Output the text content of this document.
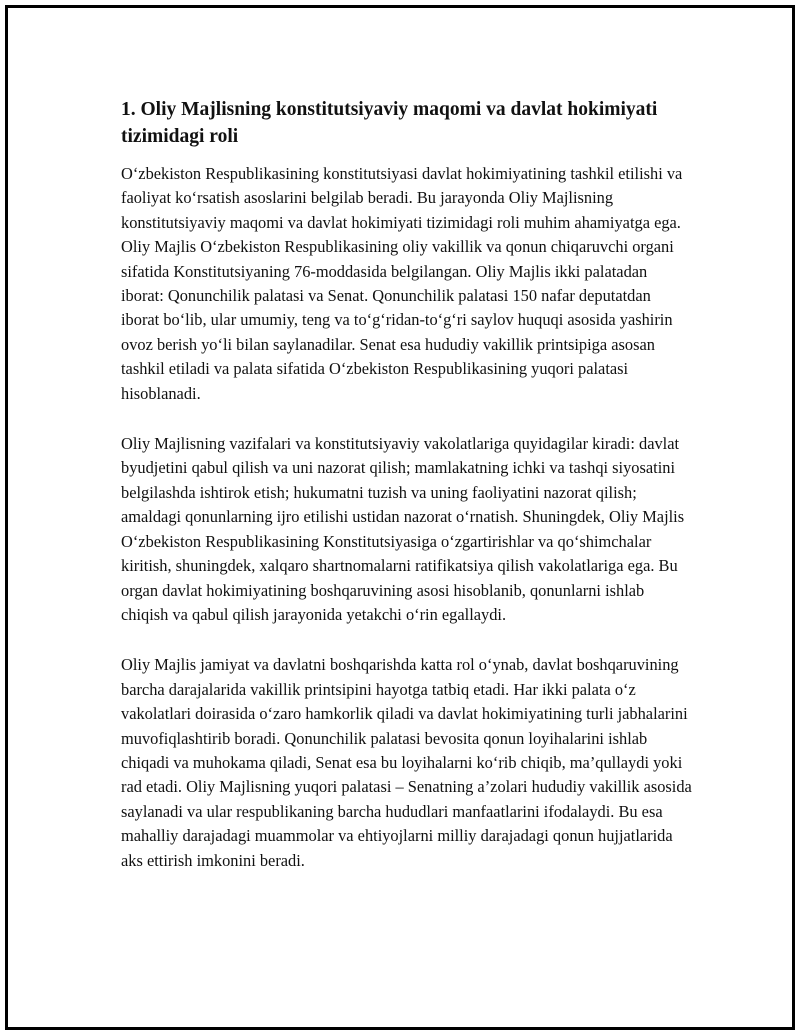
1. Oliy Majlisning konstitutsiyaviy maqomi va davlat hokimiyati tizimidagi roli

O‘zbekiston Respublikasining konstitutsiyasi davlat hokimiyatining tashkil etilishi va faoliyat ko‘rsatish asoslarini belgilab beradi. Bu jarayonda Oliy Majlisning konstitutsiyaviy maqomi va davlat hokimiyati tizimidagi roli muhim ahamiyatga ega. Oliy Majlis O‘zbekiston Respublikasining oliy vakillik va qonun chiqaruvchi organi sifatida Konstitutsiyaning 76-moddasida belgilangan. Oliy Majlis ikki palatadan iborat: Qonunchilik palatasi va Senat. Qonunchilik palatasi 150 nafar deputatdan iborat bo‘lib, ular umumiy, teng va to‘g‘ridan-to‘g‘ri saylov huquqi asosida yashirin ovoz berish yo‘li bilan saylanadilar. Senat esa hududiy vakillik printsipiga asosan tashkil etiladi va palata sifatida O‘zbekiston Respublikasining yuqori palatasi hisoblanadi.

Oliy Majlisning vazifalari va konstitutsiyaviy vakolatlariga quyidagilar kiradi: davlat byudjetini qabul qilish va uni nazorat qilish; mamlakatning ichki va tashqi siyosatini belgilashda ishtirok etish; hukumatni tuzish va uning faoliyatini nazorat qilish; amaldagi qonunlarning ijro etilishi ustidan nazorat o‘rnatish. Shuningdek, Oliy Majlis O‘zbekiston Respublikasining Konstitutsiyasiga o‘zgartirishlar va qo‘shimchalar kiritish, shuningdek, xalqaro shartnomalarni ratifikatsiya qilish vakolatlariga ega. Bu organ davlat hokimiyatining boshqaruvining asosi hisoblanib, qonunlarni ishlab chiqish va qabul qilish jarayonida yetakchi o‘rin egallaydi.

Oliy Majlis jamiyat va davlatni boshqarishda katta rol o‘ynab, davlat boshqaruvining barcha darajalarida vakillik printsipini hayotga tatbiq etadi. Har ikki palata o‘z vakolatlari doirasida o‘zaro hamkorlik qiladi va davlat hokimiyatining turli jabhalarini muvofiqlashtirib boradi. Qonunchilik palatasi bevosita qonun loyihalarini ishlab chiqadi va muhokama qiladi, Senat esa bu loyihalarni ko‘rib chiqib, ma’qullaydi yoki rad etadi. Oliy Majlisning yuqori palatasi – Senatning a’zolari hududiy vakillik asosida saylanadi va ular respublikaning barcha hududlari manfaatlarini ifodalaydi. Bu esa mahalliy darajadagi muammolar va ehtiyojlarni milliy darajadagi qonun hujjatlarida aks ettirish imkonini beradi.
